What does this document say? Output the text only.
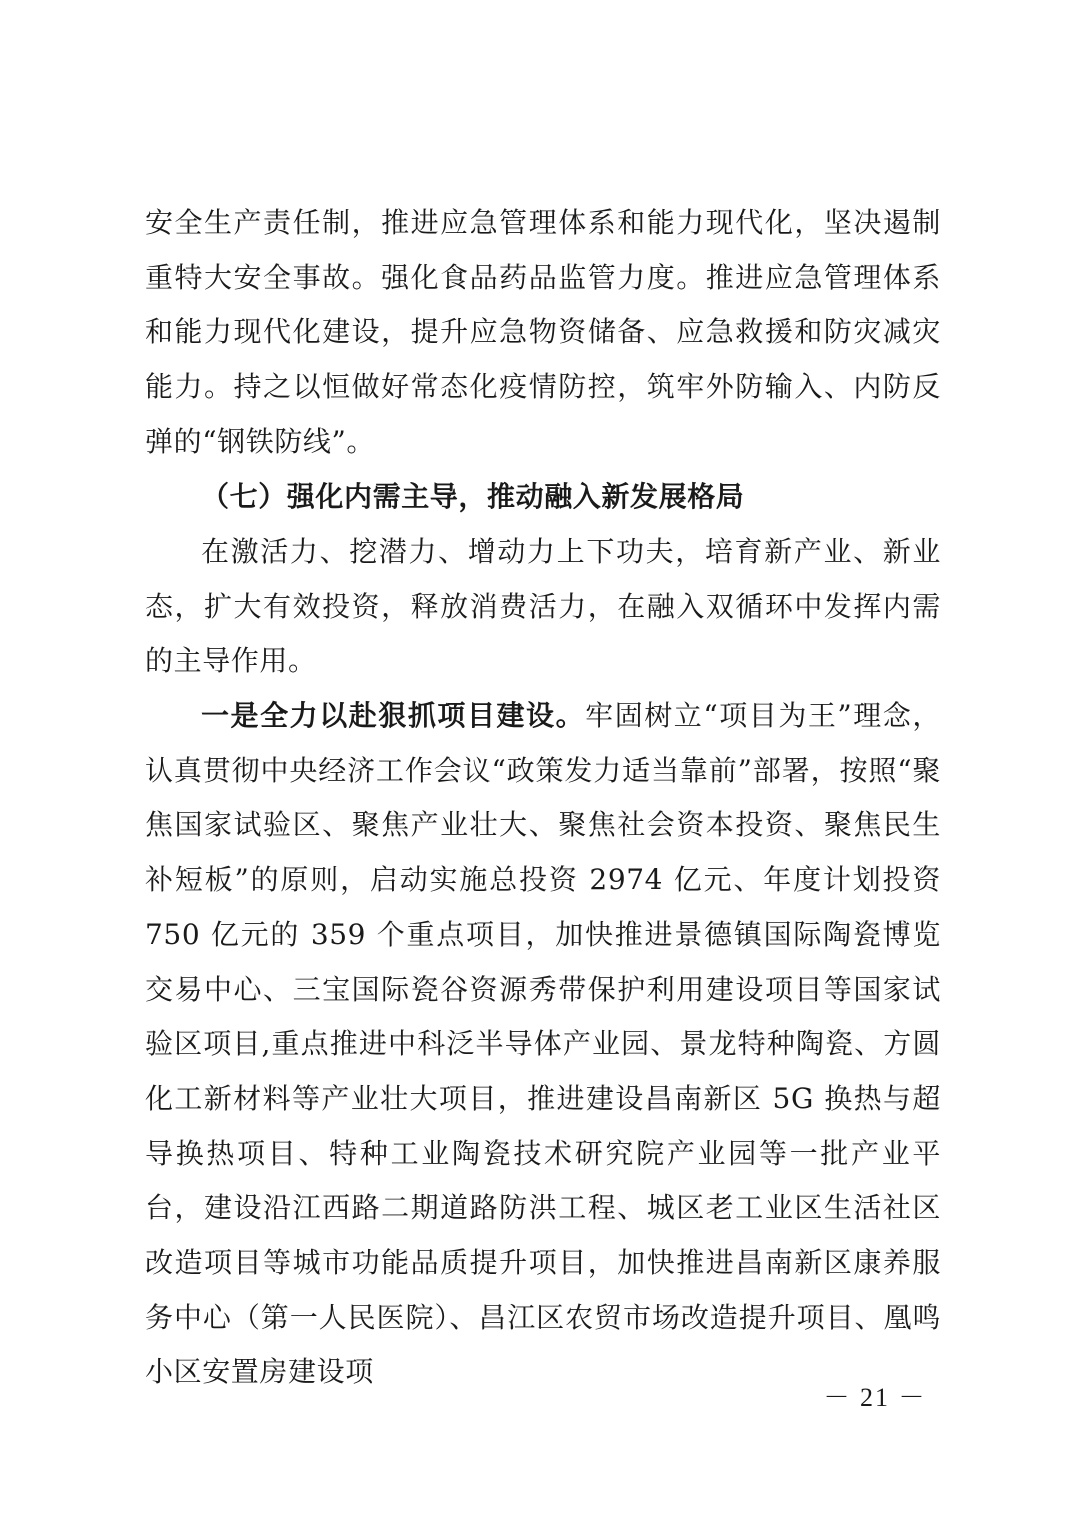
安全生产责任制，推进应急管理体系和能力现代化，坚决遏制重特大安全事故。强化食品药品监管力度。推进应急管理体系和能力现代化建设，提升应急物资储备、应急救援和防灾减灾能力。持之以恒做好常态化疫情防控，筑牢外防输入、内防反弹的“钢铁防线”。

（七）强化内需主导，推动融入新发展格局

在激活力、挖潜力、增动力上下功夫，培育新产业、新业态，扩大有效投资，释放消费活力，在融入双循环中发挥内需的主导作用。

一是全力以赴狠抓项目建设。牢固树立“项目为王”理念，认真贯彻中央经济工作会议“政策发力适当靠前”部署，按照“聚焦国家试验区、聚焦产业壮大、聚焦社会资本投资、聚焦民生补短板”的原则，启动实施总投资 2974 亿元、年度计划投资 750 亿元的 359 个重点项目，加快推进景德镇国际陶瓷博览交易中心、三宝国际瓷谷资源秀带保护利用建设项目等国家试验区项目,重点推进中科泛半导体产业园、景龙特种陶瓷、方圆化工新材料等产业壮大项目，推进建设昌南新区 5G 换热与超导换热项目、特种工业陶瓷技术研究院产业园等一批产业平台，建设沿江西路二期道路防洪工程、城区老工业区生活社区改造项目等城市功能品质提升项目，加快推进昌南新区康养服务中心（第一人民医院）、昌江区农贸市场改造提升项目、凰鸣小区安置房建设项

－ 21 －
